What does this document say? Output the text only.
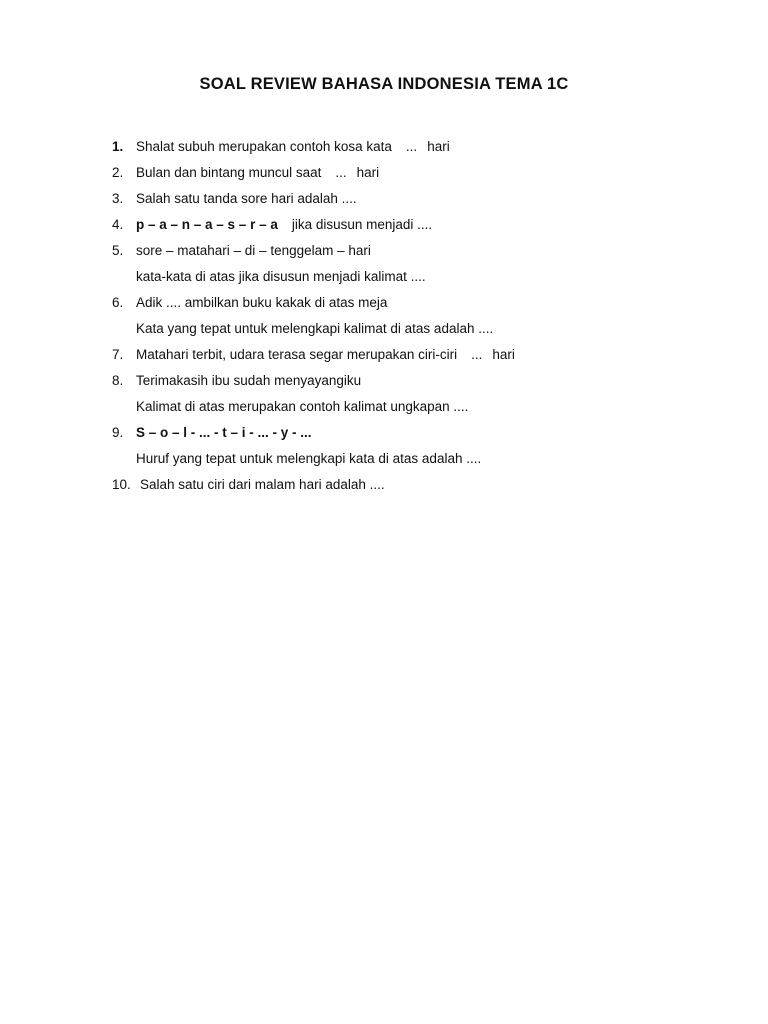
SOAL REVIEW BAHASA INDONESIA TEMA 1C
1. Shalat subuh merupakan contoh kosa kata ... hari
2. Bulan dan bintang muncul saat ... hari
3. Salah satu tanda sore hari adalah ....
4. p – a – n – a – s – r – a jika disusun menjadi ....
5. sore – matahari – di – tenggelam – hari
kata-kata di atas jika disusun menjadi kalimat ....
6. Adik .... ambilkan buku kakak di atas meja
Kata yang tepat untuk melengkapi kalimat di atas adalah ....
7. Matahari terbit, udara terasa segar merupakan ciri-ciri ... hari
8. Terimakasih ibu sudah menyayangiku
Kalimat di atas merupakan contoh kalimat ungkapan ....
9. S – o – l - ... - t – i - ... - y - ...
Huruf yang tepat untuk melengkapi kata di atas adalah ....
10. Salah satu ciri dari malam hari adalah ....
